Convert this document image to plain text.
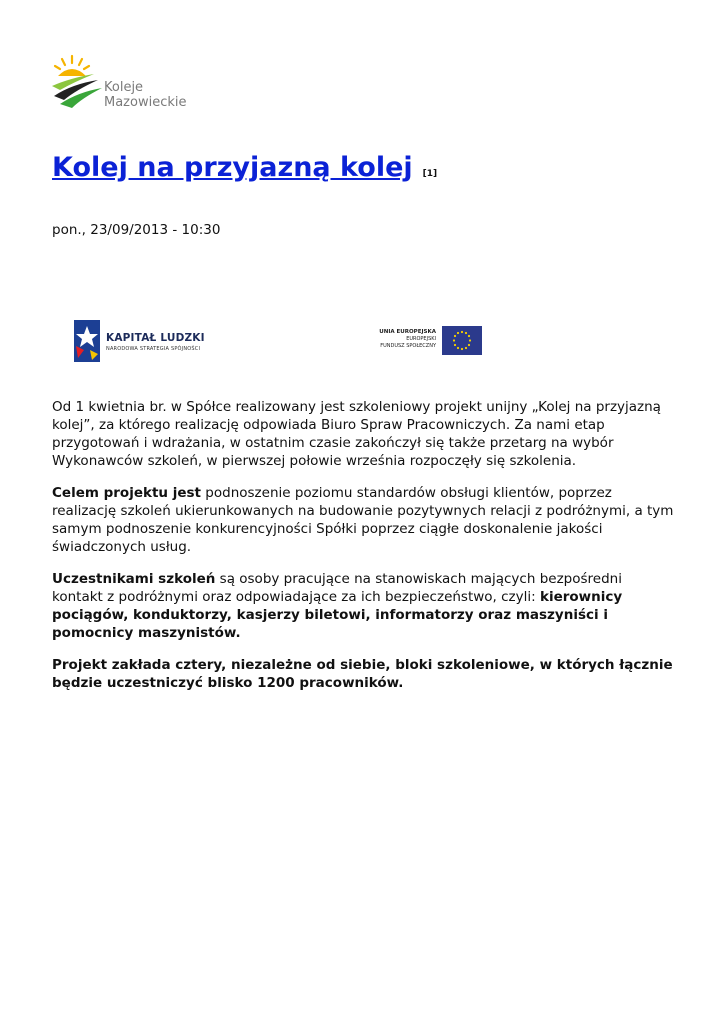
Koleje
Mazowieckie
Kolej na przyjazną kolej [1]
pon., 23/09/2013 - 10:30
KAPITAŁ LUDZKI
NARODOWA STRATEGIA SPÓJNOŚCI
UNIA EUROPEJSKA
EUROPEJSKI
FUNDUSZ SPOŁECZNY

Od 1 kwietnia br. w Spółce realizowany jest szkoleniowy projekt unijny „Kolej na przyjazną kolej”, za którego realizację odpowiada Biuro Spraw Pracowniczych. Za nami etap przygotowań i wdrażania, w ostatnim czasie zakończył się także przetarg na wybór Wykonawców szkoleń, w pierwszej połowie września rozpoczęły się szkolenia.

Celem projektu jest podnoszenie poziomu standardów obsługi klientów, poprzez realizację szkoleń ukierunkowanych na budowanie pozytywnych relacji z podróżnymi, a tym samym podnoszenie konkurencyjności Spółki poprzez ciągłe doskonalenie jakości świadczonych usług.

Uczestnikami szkoleń są osoby pracujące na stanowiskach mających bezpośredni kontakt z podróżnymi oraz odpowiadające za ich bezpieczeństwo, czyli: kierownicy pociągów, konduktorzy, kasjerzy biletowi, informatorzy oraz maszyniści i pomocnicy maszynistów.

Projekt zakłada cztery, niezależne od siebie, bloki szkoleniowe, w których łącznie będzie uczestniczyć blisko 1200 pracowników.
